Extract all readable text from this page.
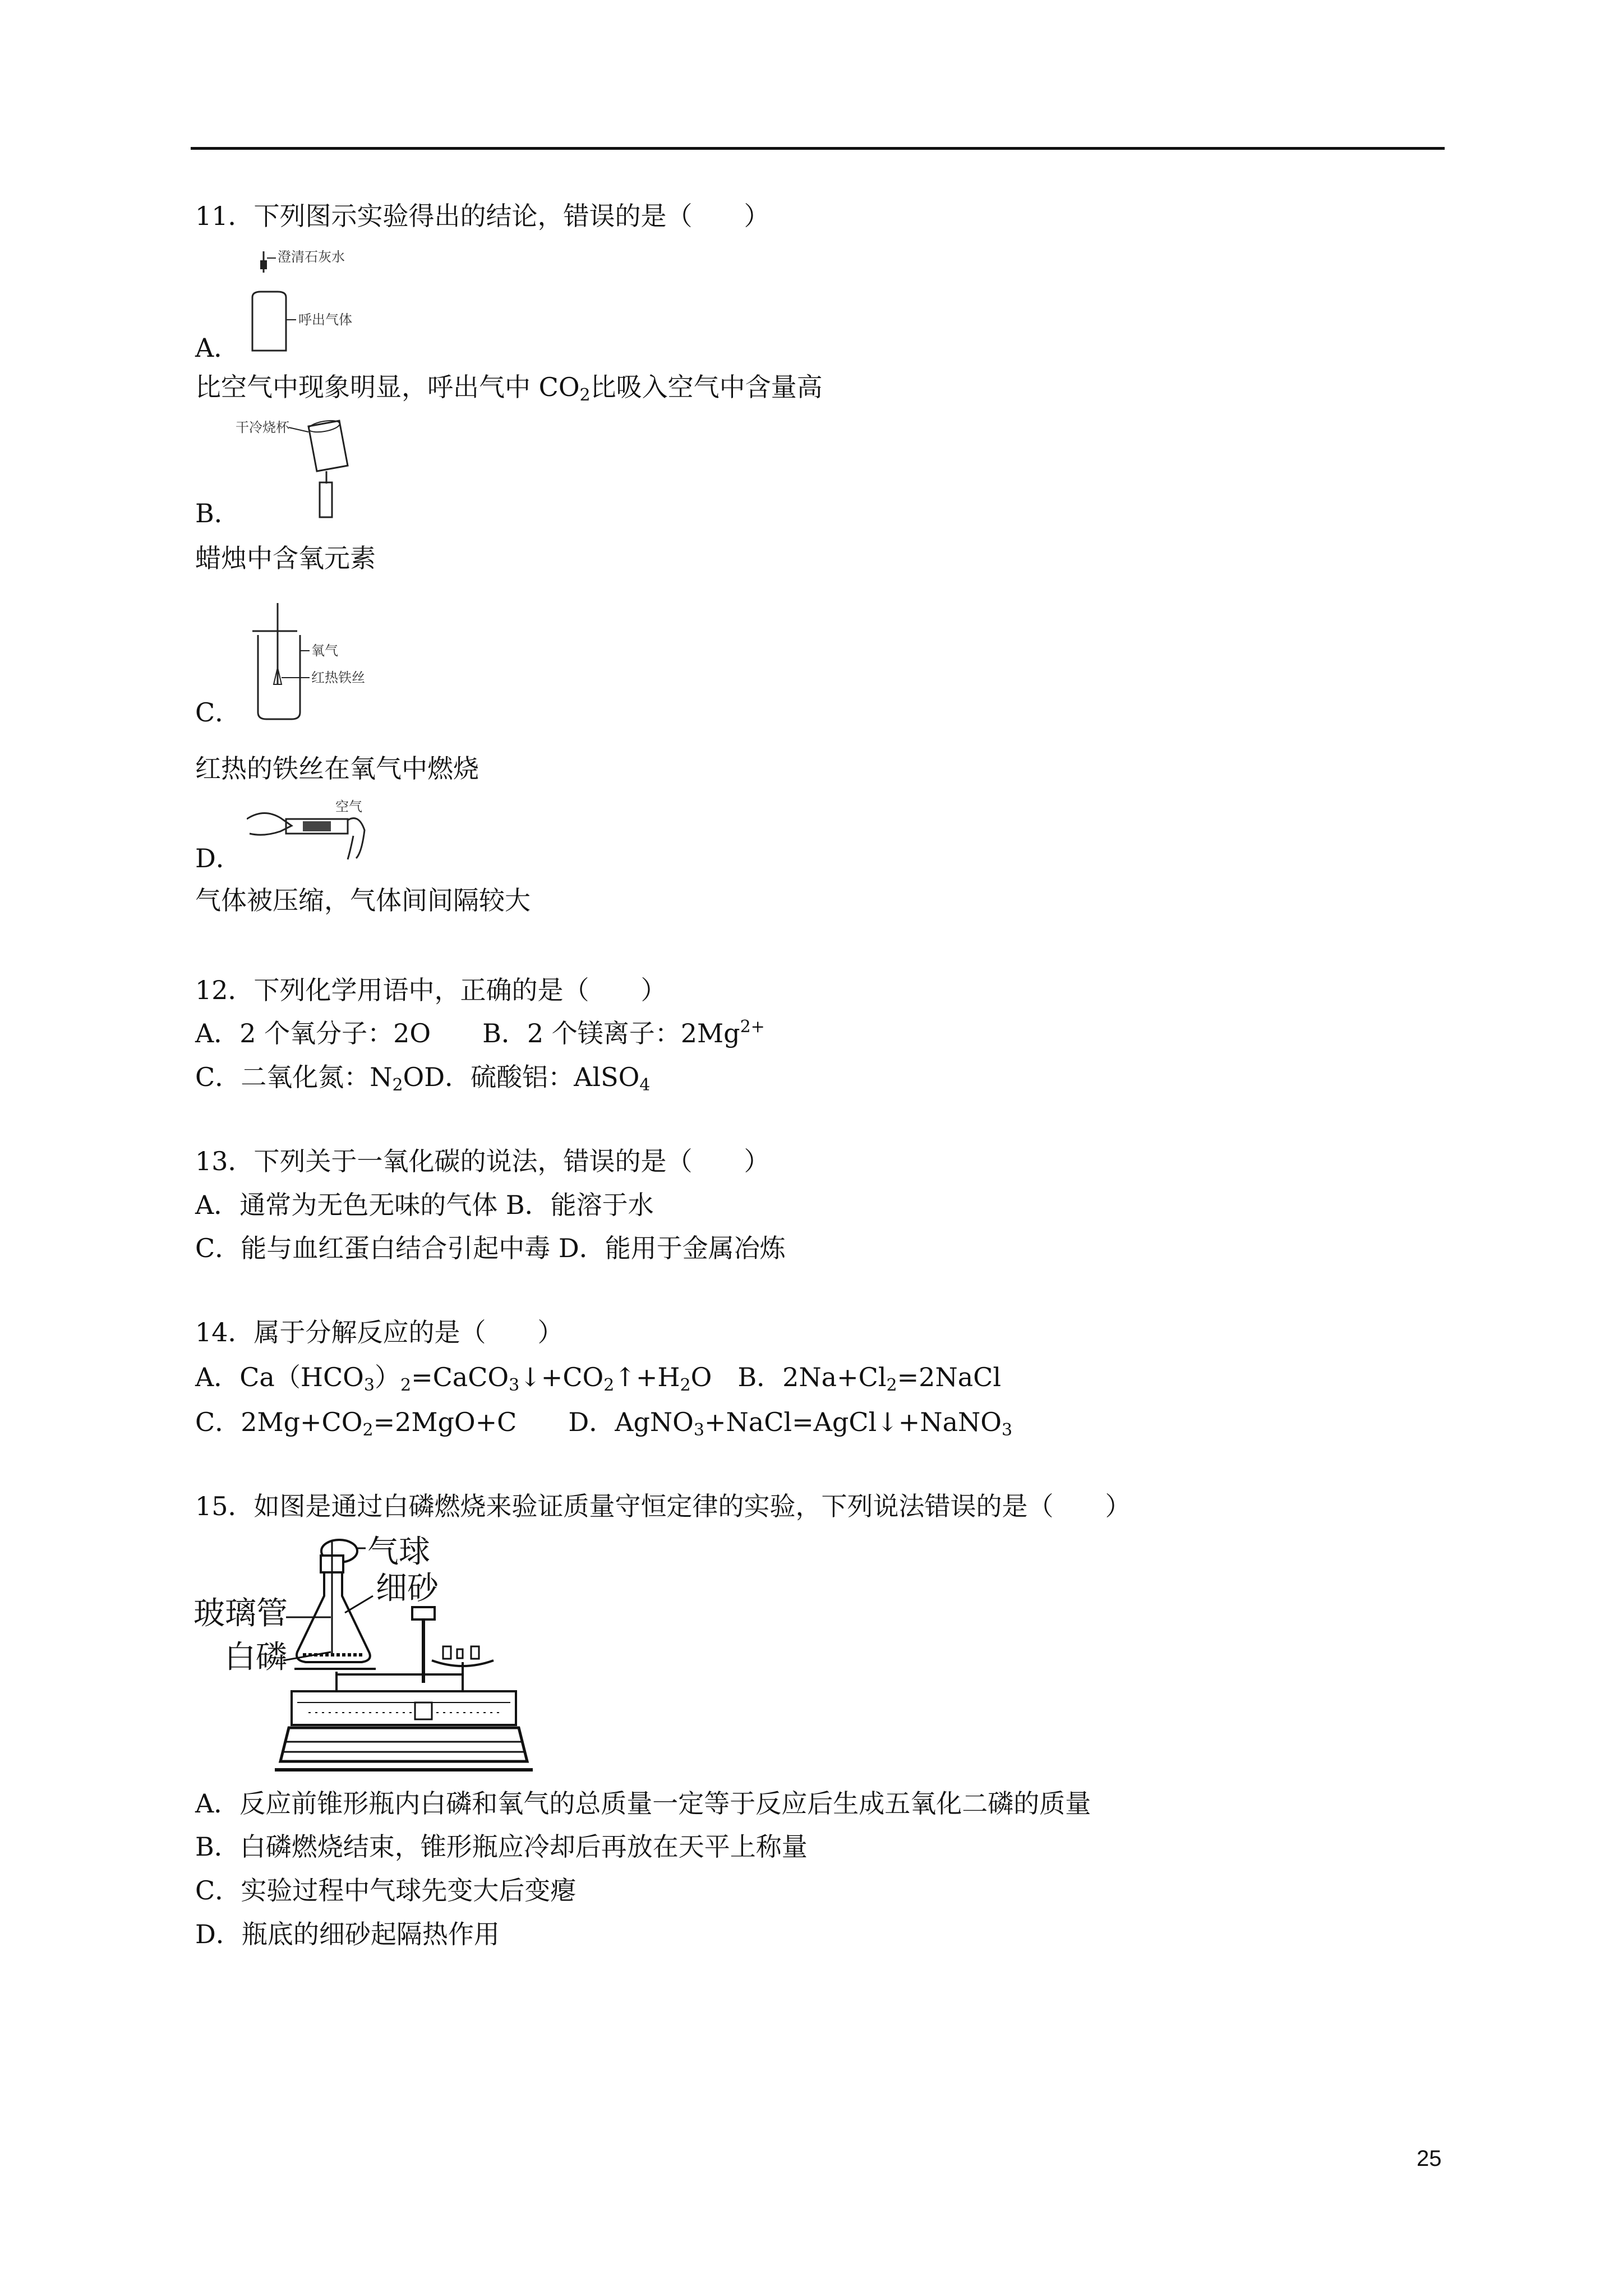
11．下列图示实验得出的结论，错误的是（　　）
澄清石灰水
呼出气体
A．
比空气中现象明显，呼出气中 $CO_2$比吸入空气中含量高
干冷烧杯
B．
蜡烛中含氧元素
氧气
红热铁丝
C．
红热的铁丝在氧气中燃烧
空气
D．
气体被压缩，气体间间隔较大
12．下列化学用语中，正确的是（　　）
A．2 个氧分子：2O　　B．2 个镁离子：$2Mg^{2+}$
C．二氧化氮：$N_2OD$．硫酸铝：AlSO$_4$
13．下列关于一氧化碳的说法，错误的是（　　）
A．通常为无色无味的气体 B．能溶于水
C．能与血红蛋白结合引起中毒 D．能用于金属冶炼
14．属于分解反应的是（　　）
A．$Ca(HCO_3)_2=CaCO_3↓+CO_2↑+H_2O$　B．$2Na+Cl_2=2NaCl$
C．$2Mg+CO_2=2MgO+C$　　D．AgNO$_3$+NaCl=AgCl↓+NaNO$_3$
15．如图是通过白磷燃烧来验证质量守恒定律的实验，下列说法错误的是（　　）
气球
细砂
玻璃管
白磷
A．反应前锥形瓶内白磷和氧气的总质量一定等于反应后生成五氧化二磷的质量
B．白磷燃烧结束，锥形瓶应冷却后再放在天平上称量
C．实验过程中气球先变大后变瘪
D．瓶底的细砂起隔热作用
25
